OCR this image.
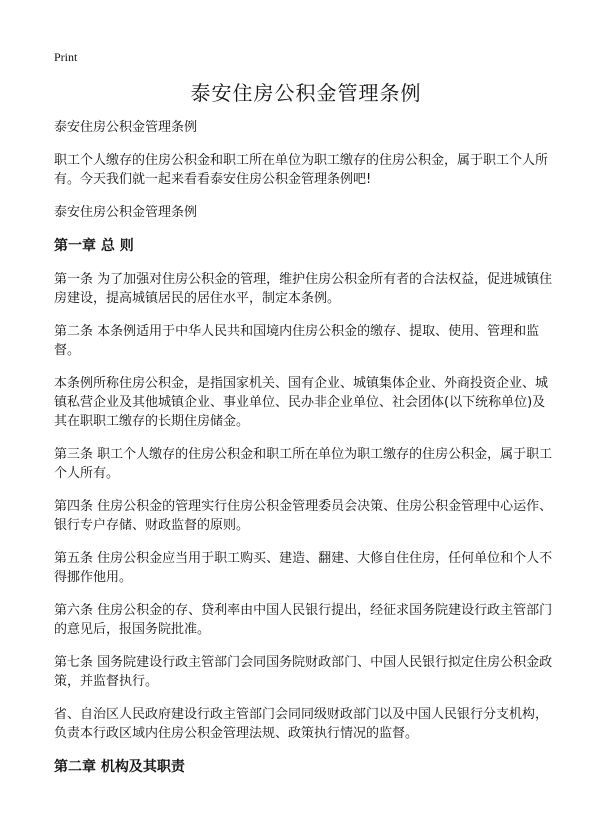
Print
泰安住房公积金管理条例

泰安住房公积金管理条例

职工个人缴存的住房公积金和职工所在单位为职工缴存的住房公积金，属于职工个人所有。今天我们就一起来看看泰安住房公积金管理条例吧!

泰安住房公积金管理条例

第一章 总 则

第一条 为了加强对住房公积金的管理，维护住房公积金所有者的合法权益，促进城镇住房建设，提高城镇居民的居住水平，制定本条例。

第二条 本条例适用于中华人民共和国境内住房公积金的缴存、提取、使用、管理和监督。

本条例所称住房公积金，是指国家机关、国有企业、城镇集体企业、外商投资企业、城镇私营企业及其他城镇企业、事业单位、民办非企业单位、社会团体(以下统称单位)及其在职职工缴存的长期住房储金。

第三条 职工个人缴存的住房公积金和职工所在单位为职工缴存的住房公积金，属于职工个人所有。

第四条 住房公积金的管理实行住房公积金管理委员会决策、住房公积金管理中心运作、银行专户存储、财政监督的原则。

第五条 住房公积金应当用于职工购买、建造、翻建、大修自住住房，任何单位和个人不得挪作他用。

第六条 住房公积金的存、贷利率由中国人民银行提出，经征求国务院建设行政主管部门的意见后，报国务院批准。

第七条 国务院建设行政主管部门会同国务院财政部门、中国人民银行拟定住房公积金政策，并监督执行。

省、自治区人民政府建设行政主管部门会同同级财政部门以及中国人民银行分支机构，负责本行政区域内住房公积金管理法规、政策执行情况的监督。

第二章 机构及其职责
